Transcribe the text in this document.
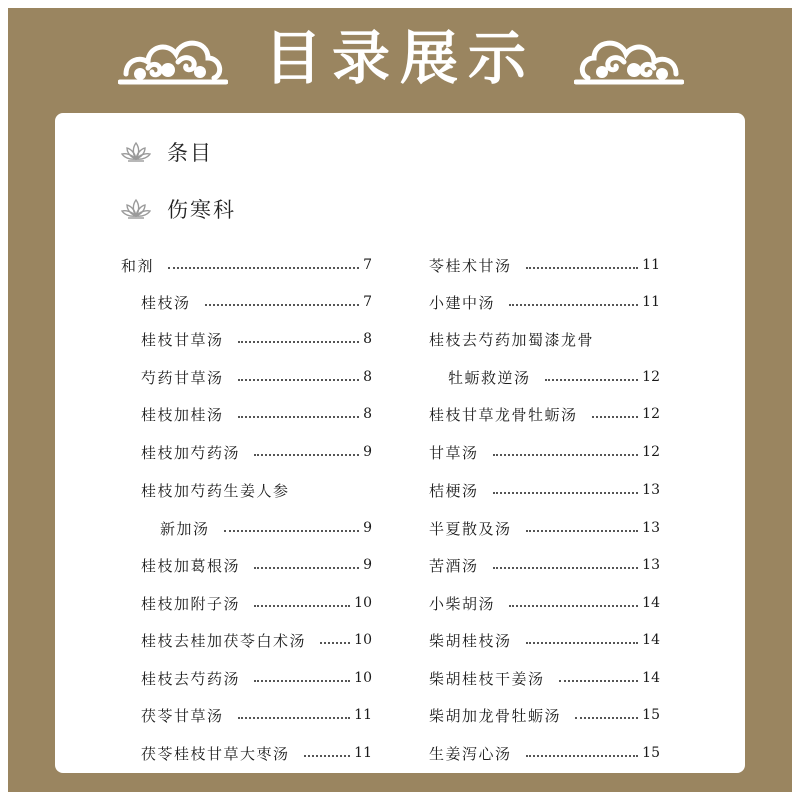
目录展示
条目
伤寒科
和剂	7
桂枝汤	7
桂枝甘草汤	8
芍药甘草汤	8
桂枝加桂汤	8
桂枝加芍药汤	9
桂枝加芍药生姜人参
新加汤	9
桂枝加葛根汤	9
桂枝加附子汤	10
桂枝去桂加茯苓白术汤	10
桂枝去芍药汤	10
茯苓甘草汤	11
茯苓桂枝甘草大枣汤	11
苓桂术甘汤	11
小建中汤	11
桂枝去芍药加蜀漆龙骨
牡蛎救逆汤	12
桂枝甘草龙骨牡蛎汤	12
甘草汤	12
桔梗汤	13
半夏散及汤	13
苦酒汤	13
小柴胡汤	14
柴胡桂枝汤	14
柴胡桂枝干姜汤	14
柴胡加龙骨牡蛎汤	15
生姜泻心汤	15
